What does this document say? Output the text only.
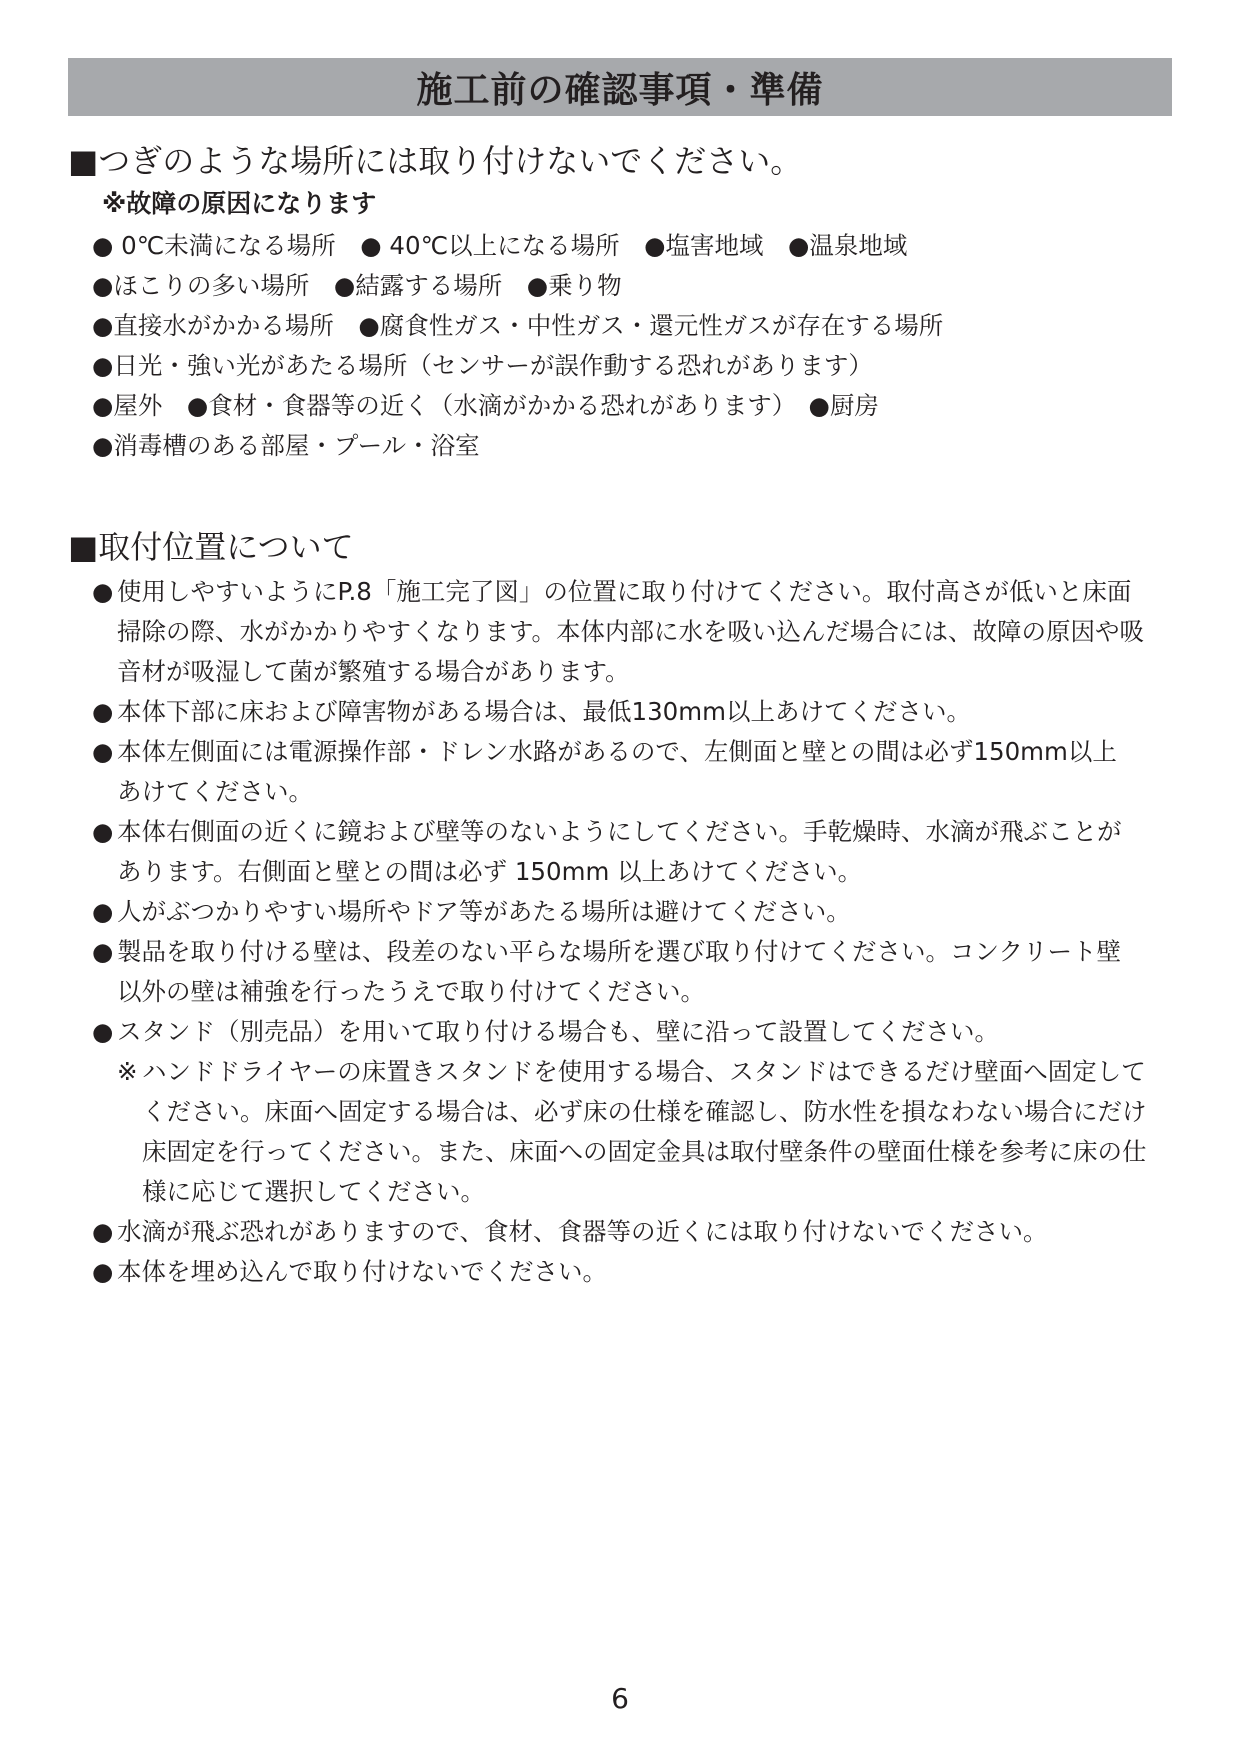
施工前の確認事項・準備
■つぎのような場所には取り付けないでください。

※故障の原因になります

● 0℃未満になる場所　● 40℃以上になる場所　●塩害地域　●温泉地域
●ほこりの多い場所　●結露する場所　●乗り物
●直接水がかかる場所　●腐食性ガス・中性ガス・還元性ガスが存在する場所
●日光・強い光があたる場所（センサーが誤作動する恐れがあります）
●屋外　●食材・食器等の近く（水滴がかかる恐れがあります）　●厨房
●消毒槽のある部屋・プール・浴室
■取付位置について
● 使用しやすいようにP.8「施工完了図」の位置に取り付けてください。取付高さが低いと床面
掃除の際、水がかかりやすくなります。本体内部に水を吸い込んだ場合には、故障の原因や吸
音材が吸湿して菌が繁殖する場合があります。
● 本体下部に床および障害物がある場合は、最低130mm以上あけてください。
● 本体左側面には電源操作部・ドレン水路があるので、左側面と壁との間は必ず150mm以上
あけてください。
● 本体右側面の近くに鏡および壁等のないようにしてください。手乾燥時、水滴が飛ぶことが
あります。右側面と壁との間は必ず 150mm 以上あけてください。
● 人がぶつかりやすい場所やドア等があたる場所は避けてください。
● 製品を取り付ける壁は、段差のない平らな場所を選び取り付けてください。コンクリート壁
以外の壁は補強を行ったうえで取り付けてください。
● スタンド（別売品）を用いて取り付ける場合も、壁に沿って設置してください。
※ ハンドドライヤーの床置きスタンドを使用する場合、スタンドはできるだけ壁面へ固定して
ください。床面へ固定する場合は、必ず床の仕様を確認し、防水性を損なわない場合にだけ
床固定を行ってください。また、床面への固定金具は取付壁条件の壁面仕様を参考に床の仕
様に応じて選択してください。
● 水滴が飛ぶ恐れがありますので、食材、食器等の近くには取り付けないでください。
● 本体を埋め込んで取り付けないでください。

6
